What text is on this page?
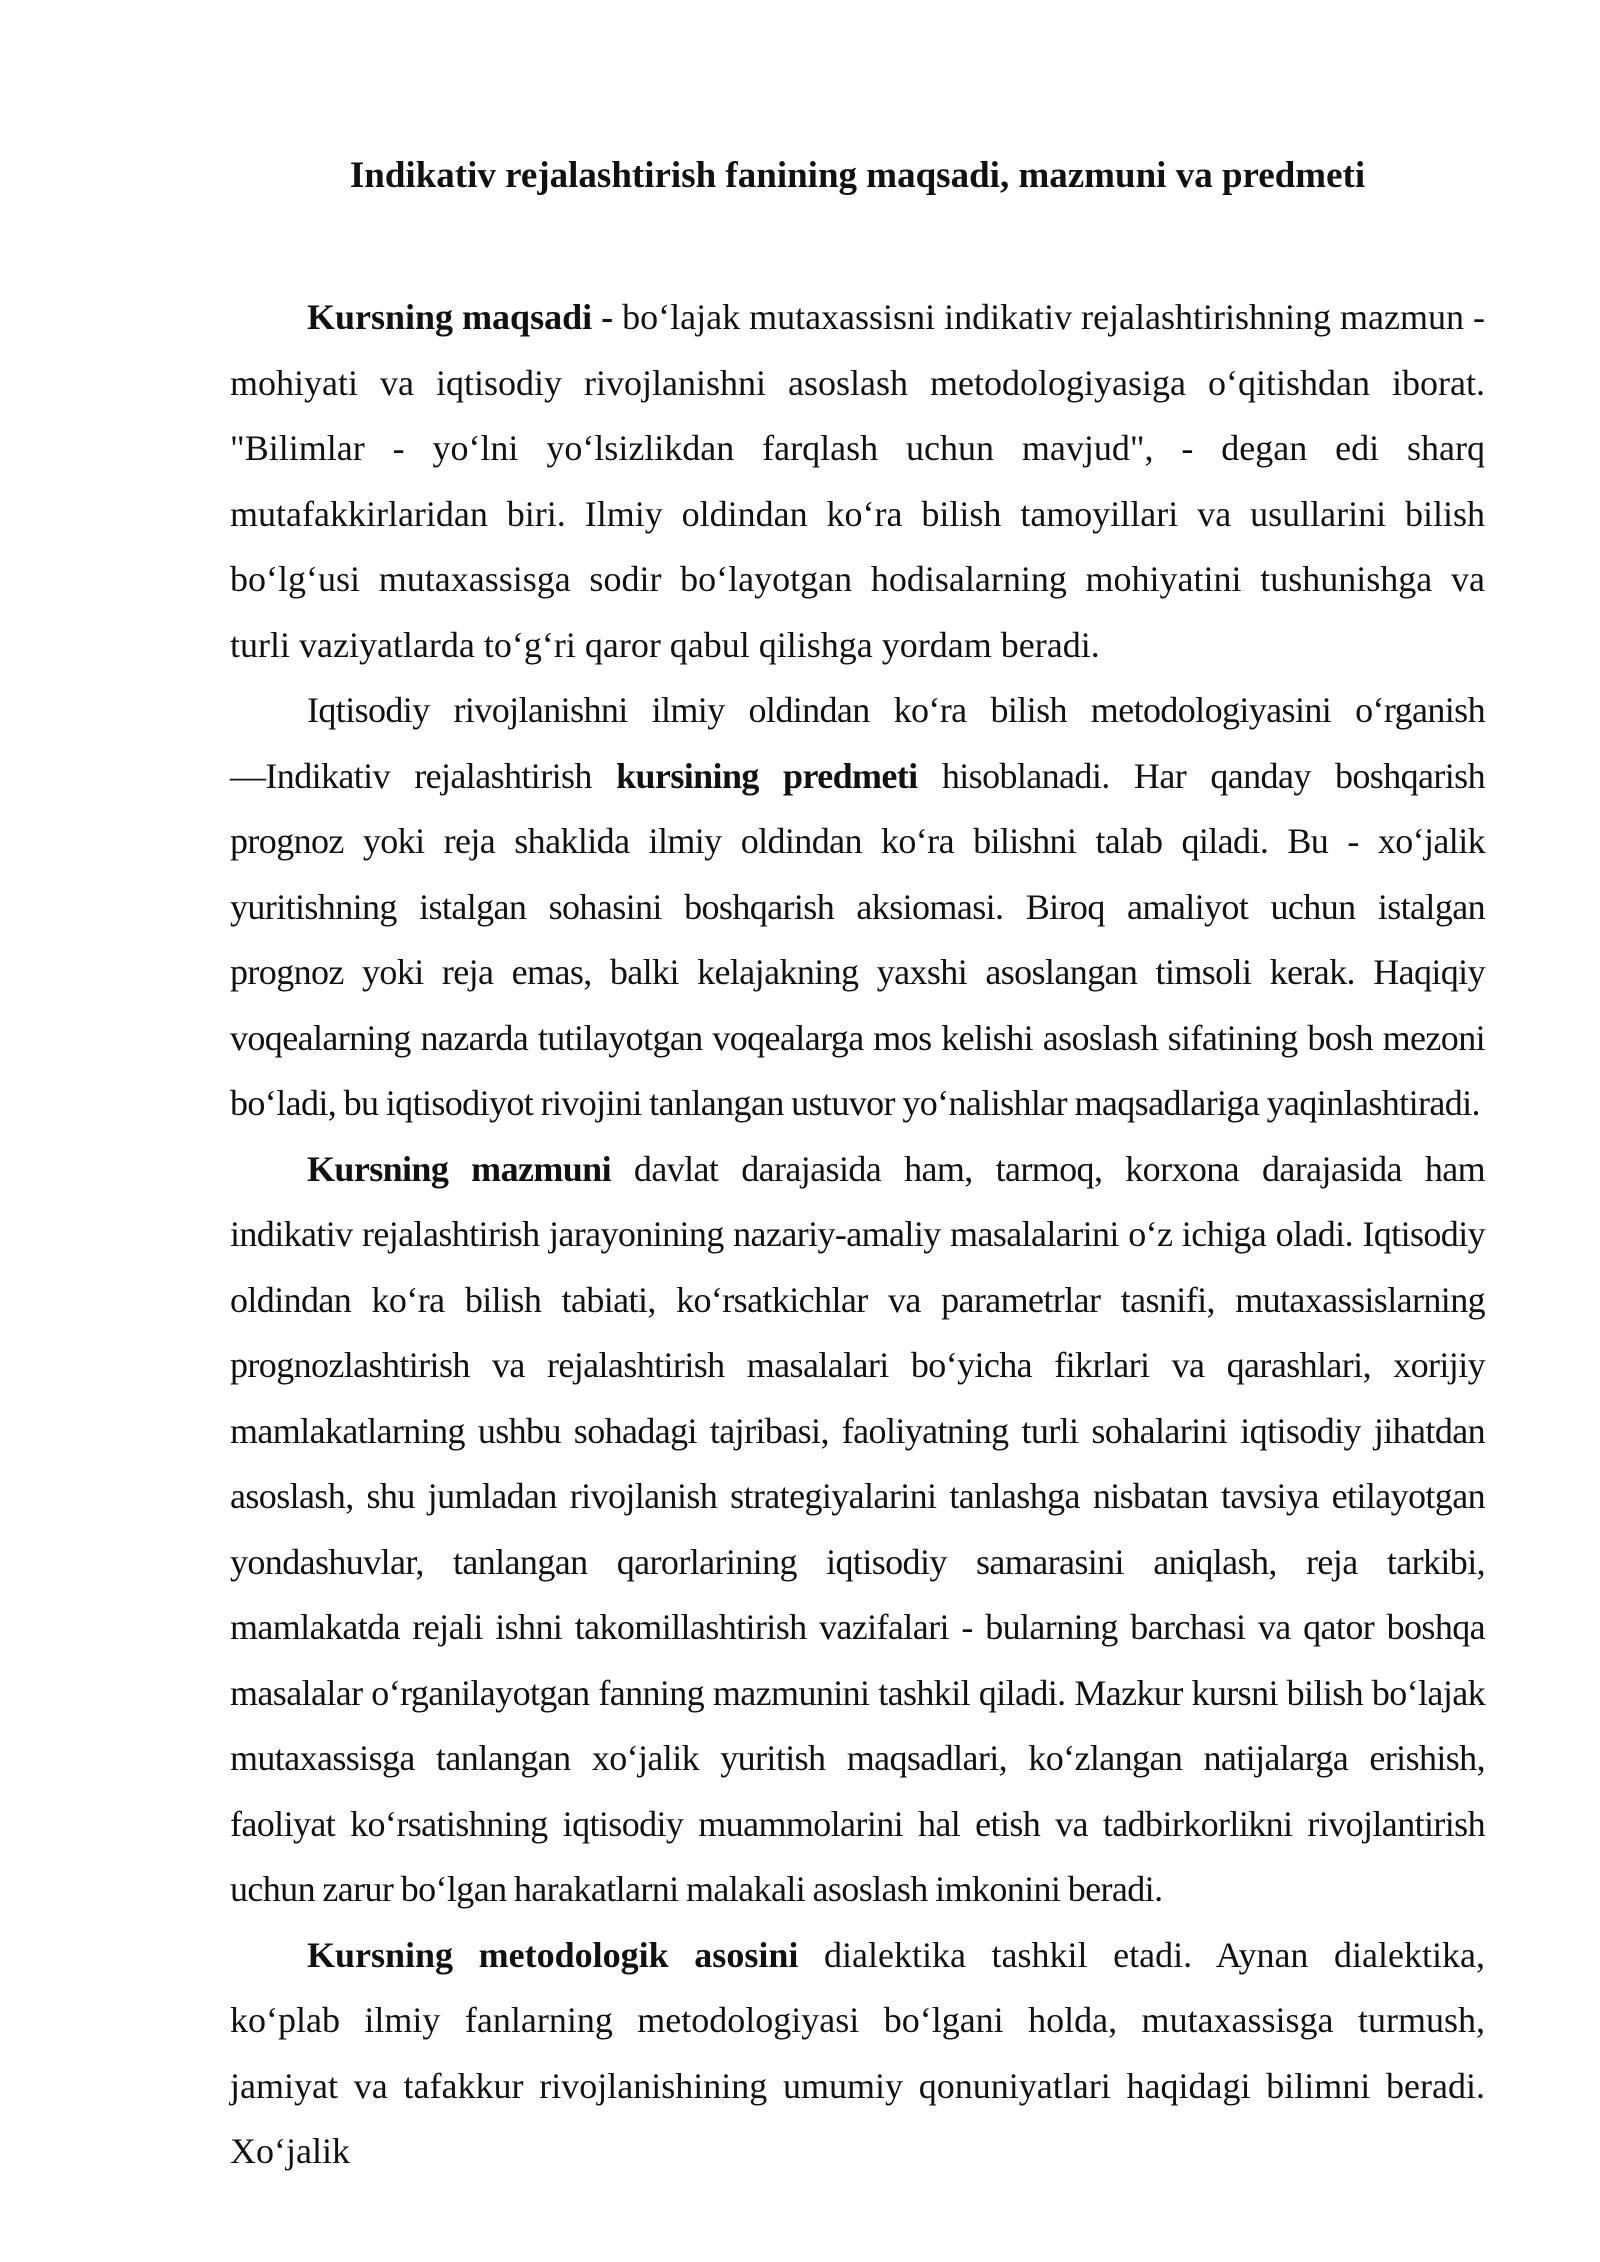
Indikativ rejalashtirish fanining maqsadi, mazmuni va predmeti

Kursning maqsadi - bo‘lajak mutaxassisni indikativ rejalashtirishning mazmun - mohiyati va iqtisodiy rivojlanishni asoslash metodologiyasiga o‘qitishdan iborat. "Bilimlar - yo‘lni yo‘lsizlikdan farqlash uchun mavjud", - degan edi sharq mutafakkirlaridan biri. Ilmiy oldindan ko‘ra bilish tamoyillari va usullarini bilish bo‘lg‘usi mutaxassisga sodir bo‘layotgan hodisalarning mohiyatini tushunishga va turli vaziyatlarda to‘g‘ri qaror qabul qilishga yordam beradi.

Iqtisodiy rivojlanishni ilmiy oldindan ko‘ra bilish metodologiyasini o‘rganish ―Indikativ rejalashtirish kursining predmeti hisoblanadi. Har qanday boshqarish prognoz yoki reja shaklida ilmiy oldindan ko‘ra bilishni talab qiladi. Bu - xo‘jalik yuritishning istalgan sohasini boshqarish aksiomasi. Biroq amaliyot uchun istalgan prognoz yoki reja emas, balki kelajakning yaxshi asoslangan timsoli kerak. Haqiqiy voqealarning nazarda tutilayotgan voqealarga mos kelishi asoslash sifatining bosh mezoni bo‘ladi, bu iqtisodiyot rivojini tanlangan ustuvor yo‘nalishlar maqsadlariga yaqinlashtiradi.

Kursning mazmuni davlat darajasida ham, tarmoq, korxona darajasida ham indikativ rejalashtirish jarayonining nazariy-amaliy masalalarini o‘z ichiga oladi. Iqtisodiy oldindan ko‘ra bilish tabiati, ko‘rsatkichlar va parametrlar tasnifi, mutaxassislarning prognozlashtirish va rejalashtirish masalalari bo‘yicha fikrlari va qarashlari, xorijiy mamlakatlarning ushbu sohadagi tajribasi, faoliyatning turli sohalarini iqtisodiy jihatdan asoslash, shu jumladan rivojlanish strategiyalarini tanlashga nisbatan tavsiya etilayotgan yondashuvlar, tanlangan qarorlarining iqtisodiy samarasini aniqlash, reja tarkibi, mamlakatda rejali ishni takomillashtirish vazifalari - bularning barchasi va qator boshqa masalalar o‘rganilayotgan fanning mazmunini tashkil qiladi. Mazkur kursni bilish bo‘lajak mutaxassisga tanlangan xo‘jalik yuritish maqsadlari, ko‘zlangan natijalarga erishish, faoliyat ko‘rsatishning iqtisodiy muammolarini hal etish va tadbirkorlikni rivojlantirish uchun zarur bo‘lgan harakatlarni malakali asoslash imkonini beradi.

Kursning metodologik asosini dialektika tashkil etadi. Aynan dialektika, ko‘plab ilmiy fanlarning metodologiyasi bo‘lgani holda, mutaxassisga turmush, jamiyat va tafakkur rivojlanishining umumiy qonuniyatlari haqidagi bilimni beradi. Xo‘jalik
